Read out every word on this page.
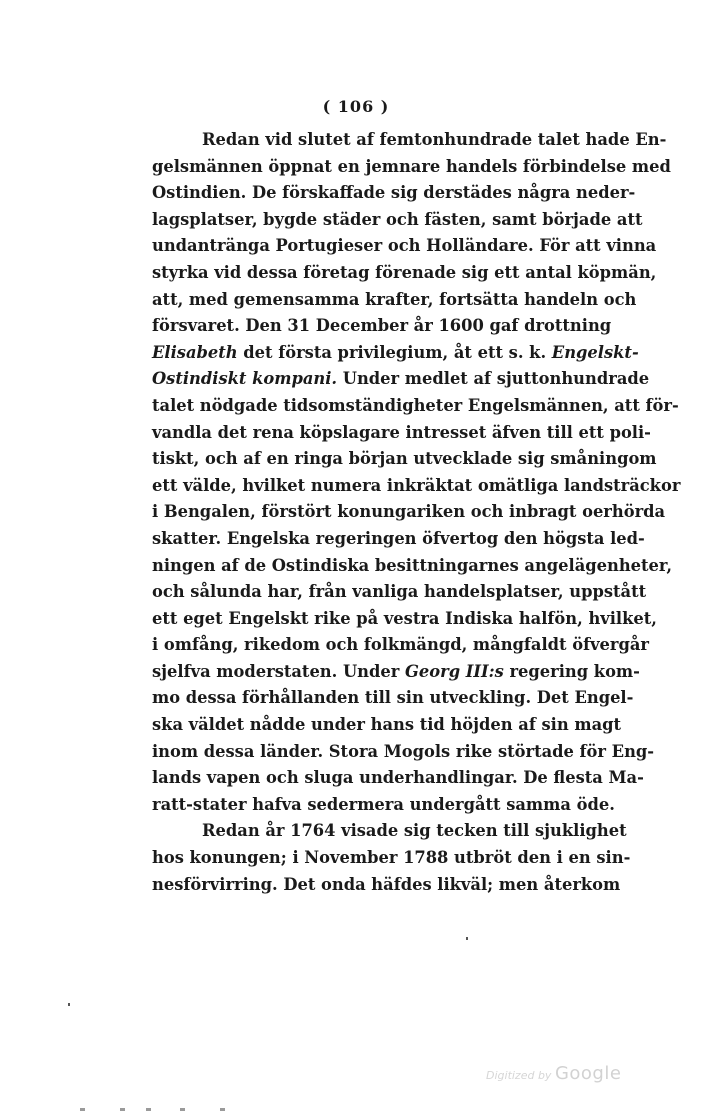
( 106 )
Redan vid slutet af femtonhundrade talet hade En-
gelsmännen öppnat en jemnare handels förbindelse med
Ostindien. De förskaffade sig derstädes några neder-
lagsplatser, bygde städer och fästen, samt började att
undantränga Portugieser och Holländare. För att vinna
styrka vid dessa företag förenade sig ett antal köpmän,
att, med gemensamma krafter, fortsätta handeln och
försvaret. Den 31 December år 1600 gaf drottning
Elisabeth det första privilegium, åt ett s. k. Engelskt-
Ostindiskt kompani. Under medlet af sjuttonhundrade
talet nödgade tidsomständigheter Engelsmännen, att för-
vandla det rena köpslagare intresset äfven till ett poli-
tiskt, och af en ringa början utvecklade sig småningom
ett välde, hvilket numera inkräktat omätliga landsträckor
i Bengalen, förstört konungariken och inbragt oerhörda
skatter. Engelska regeringen öfvertog den högsta led-
ningen af de Ostindiska besittningarnes angelägenheter,
och sålunda har, från vanliga handelsplatser, uppstått
ett eget Engelskt rike på vestra Indiska halfön, hvilket,
i omfång, rikedom och folkmängd, mångfaldt öfvergår
sjelfva moderstaten. Under Georg III:s regering kom-
mo dessa förhållanden till sin utveckling. Det Engel-
ska väldet nådde under hans tid höjden af sin magt
inom dessa länder. Stora Mogols rike störtade för Eng-
lands vapen och sluga underhandlingar. De flesta Ma-
ratt-stater hafva sedermera undergått samma öde.
Redan år 1764 visade sig tecken till sjuklighet
hos konungen; i November 1788 utbröt den i en sin-
nesförvirring. Det onda häfdes likväl; men återkom
Digitized by Google
